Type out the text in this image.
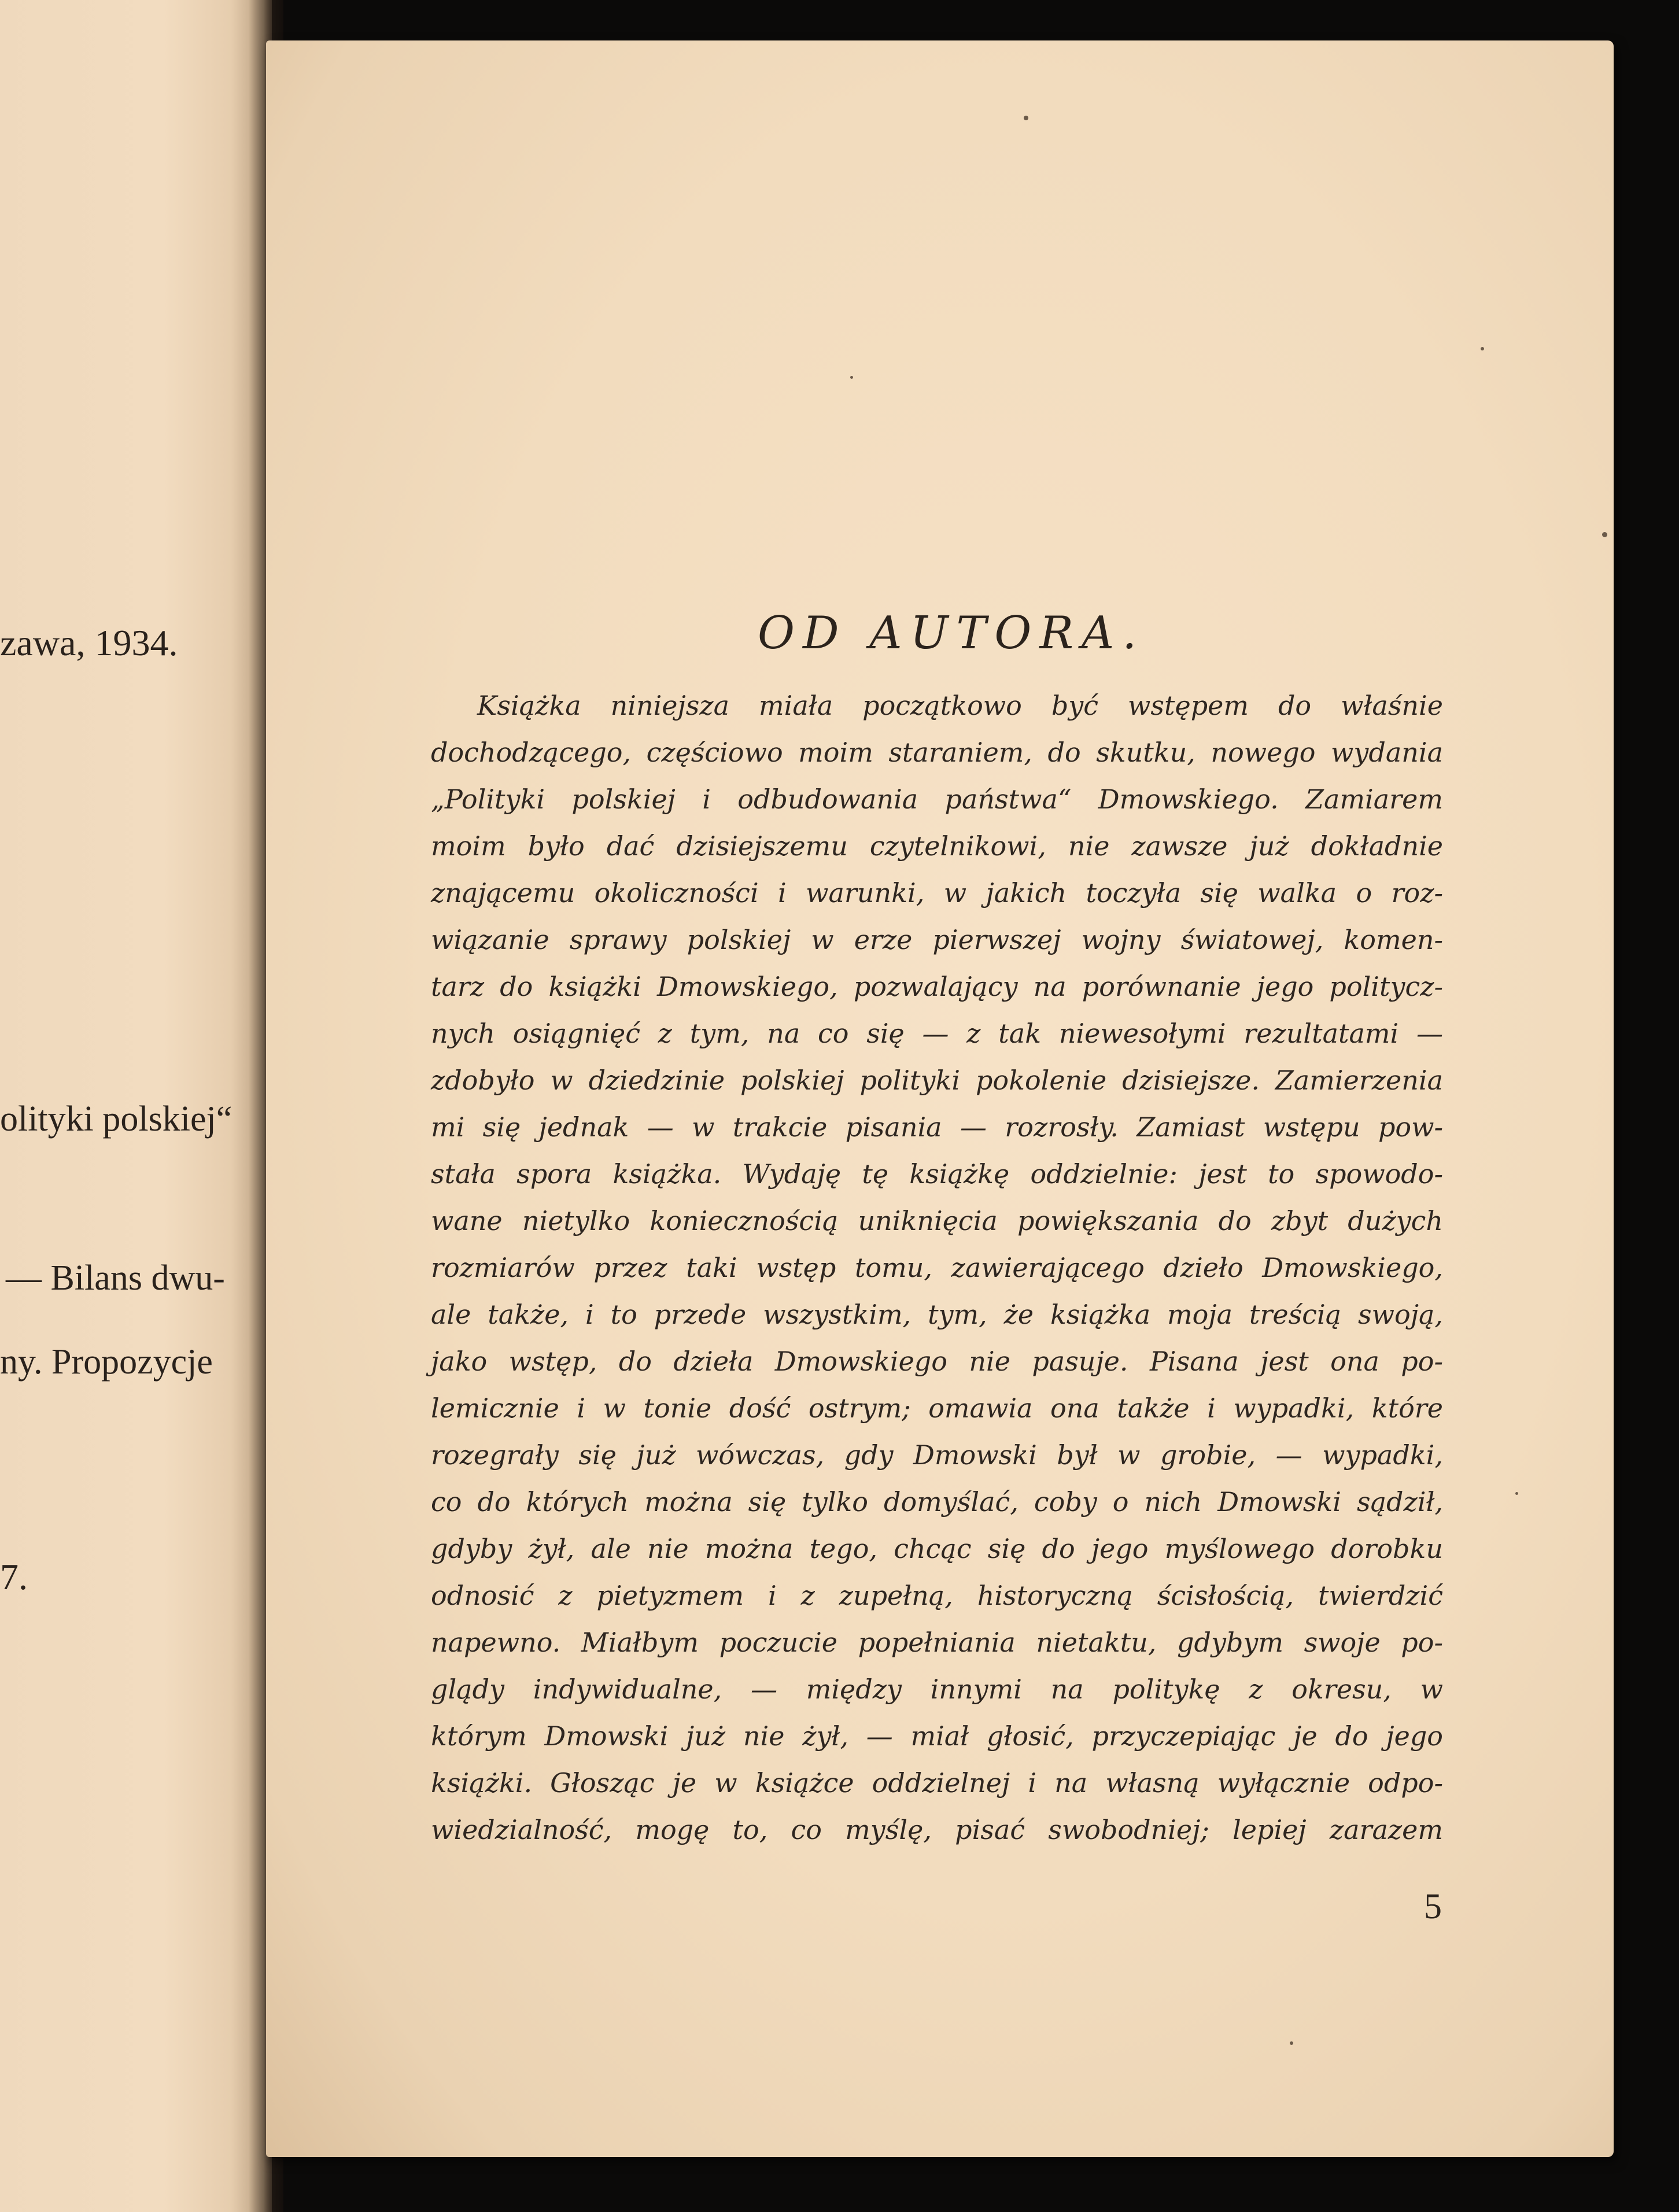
zawa, 1934.
olityki polskiej“
— Bilans dwu-
ny. Propozycje
7.
OD AUTORA.
Książka niniejsza miała początkowo być wstępem do właśnie
dochodzącego, częściowo moim staraniem, do skutku, nowego wydania
„Polityki polskiej i odbudowania państwa“ Dmowskiego. Zamiarem
moim było dać dzisiejszemu czytelnikowi, nie zawsze już dokładnie
znającemu okoliczności i warunki, w jakich toczyła się walka o roz-
wiązanie sprawy polskiej w erze pierwszej wojny światowej, komen-
tarz do książki Dmowskiego, pozwalający na porównanie jego politycz-
nych osiągnięć z tym, na co się — z tak niewesołymi rezultatami —
zdobyło w dziedzinie polskiej polityki pokolenie dzisiejsze. Zamierzenia
mi się jednak — w trakcie pisania — rozrosły. Zamiast wstępu pow-
stała spora książka. Wydaję tę książkę oddzielnie: jest to spowodo-
wane nietylko koniecznością uniknięcia powiększania do zbyt dużych
rozmiarów przez taki wstęp tomu, zawierającego dzieło Dmowskiego,
ale także, i to przede wszystkim, tym, że książka moja treścią swoją,
jako wstęp, do dzieła Dmowskiego nie pasuje. Pisana jest ona po-
lemicznie i w tonie dość ostrym; omawia ona także i wypadki, które
rozegrały się już wówczas, gdy Dmowski był w grobie, — wypadki,
co do których można się tylko domyślać, coby o nich Dmowski sądził,
gdyby żył, ale nie można tego, chcąc się do jego myślowego dorobku
odnosić z pietyzmem i z zupełną, historyczną ścisłością, twierdzić
napewno. Miałbym poczucie popełniania nietaktu, gdybym swoje po-
glądy indywidualne, — między innymi na politykę z okresu, w
którym Dmowski już nie żył, — miał głosić, przyczepiając je do jego
książki. Głosząc je w książce oddzielnej i na własną wyłącznie odpo-
wiedzialność, mogę to, co myślę, pisać swobodniej; lepiej zarazem
5
